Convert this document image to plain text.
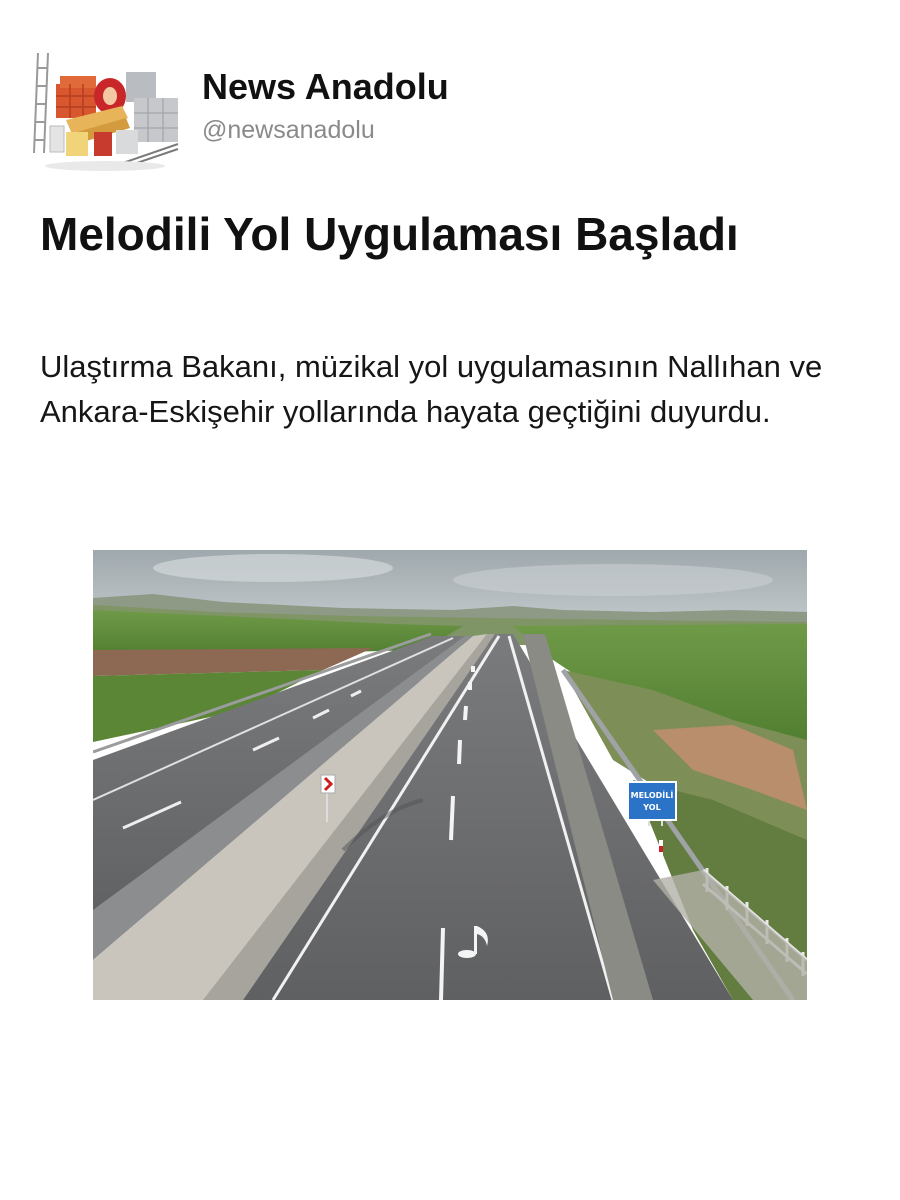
News Anadolu
@newsanadolu
Melodili Yol Uygulaması Başladı

Ulaştırma Bakanı, müzikal yol uygulamasının Nallıhan ve Ankara-Eskişehir yollarında hayata geçtiğini duyurdu.

MELODİLİ
YOL
